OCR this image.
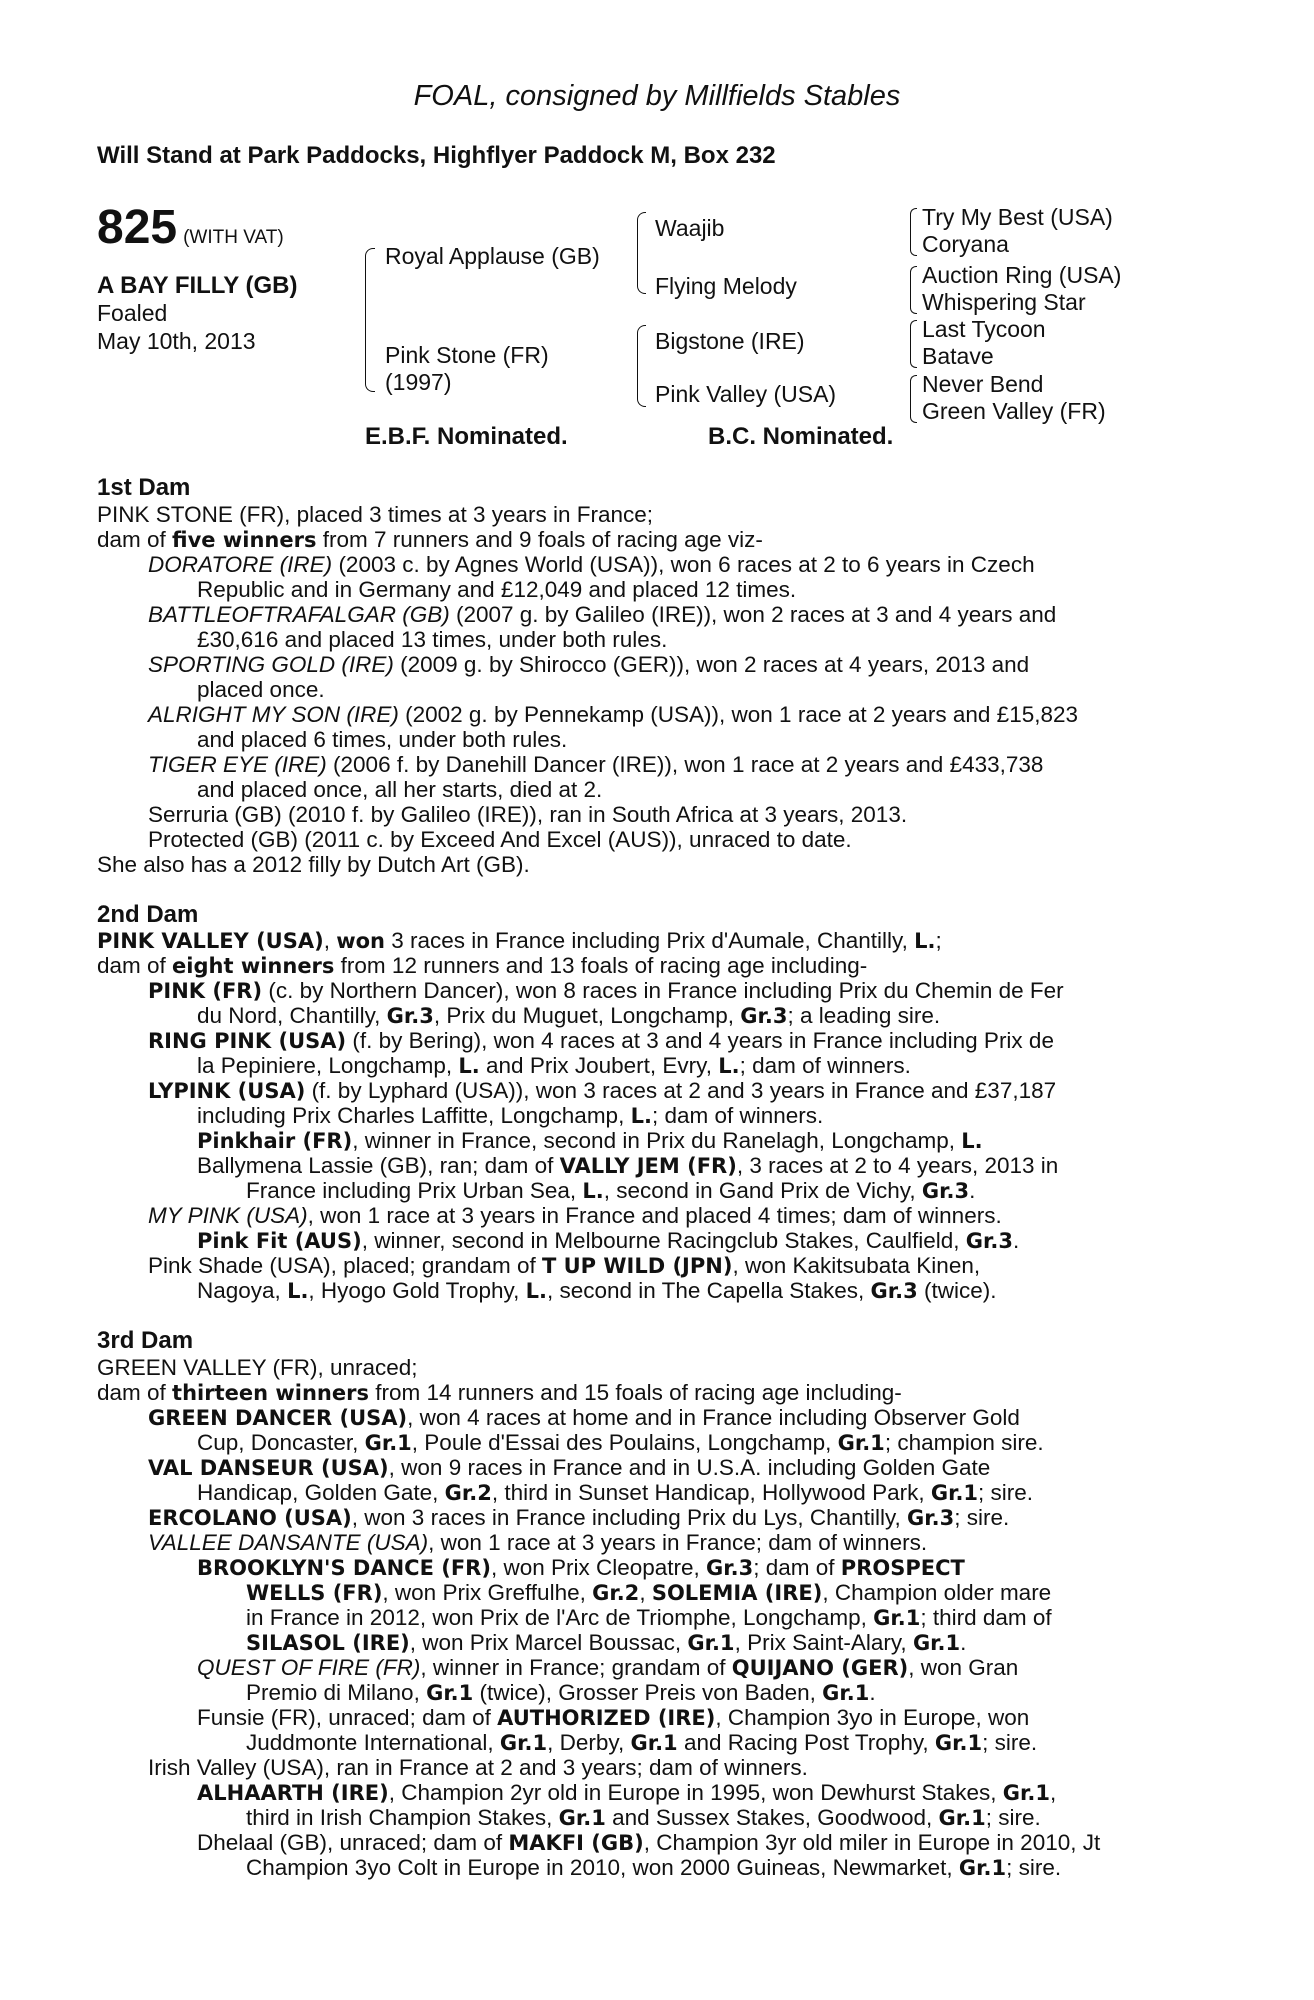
FOAL, consigned by Millfields Stables
Will Stand at Park Paddocks, Highflyer Paddock M, Box 232
825 (WITH VAT)
A BAY FILLY (GB)
Foaled
May 10th, 2013
Royal Applause (GB)
Pink Stone (FR)
(1997)
Waajib
Flying Melody
Bigstone (IRE)
Pink Valley (USA)
Try My Best (USA)
Coryana
Auction Ring (USA)
Whispering Star
Last Tycoon
Batave
Never Bend
Green Valley (FR)
E.B.F. Nominated.	B.C. Nominated.
1st Dam
PINK STONE (FR), placed 3 times at 3 years in France;
dam of five winners from 7 runners and 9 foals of racing age viz-
DORATORE (IRE) (2003 c. by Agnes World (USA)), won 6 races at 2 to 6 years in Czech
Republic and in Germany and £12,049 and placed 12 times.
BATTLEOFTRAFALGAR (GB) (2007 g. by Galileo (IRE)), won 2 races at 3 and 4 years and
£30,616 and placed 13 times, under both rules.
SPORTING GOLD (IRE) (2009 g. by Shirocco (GER)), won 2 races at 4 years, 2013 and
placed once.
ALRIGHT MY SON (IRE) (2002 g. by Pennekamp (USA)), won 1 race at 2 years and £15,823
and placed 6 times, under both rules.
TIGER EYE (IRE) (2006 f. by Danehill Dancer (IRE)), won 1 race at 2 years and £433,738
and placed once, all her starts, died at 2.
Serruria (GB) (2010 f. by Galileo (IRE)), ran in South Africa at 3 years, 2013.
Protected (GB) (2011 c. by Exceed And Excel (AUS)), unraced to date.
She also has a 2012 filly by Dutch Art (GB).
2nd Dam
PINK VALLEY (USA), won 3 races in France including Prix d'Aumale, Chantilly, L.;
dam of eight winners from 12 runners and 13 foals of racing age including-
PINK (FR) (c. by Northern Dancer), won 8 races in France including Prix du Chemin de Fer
du Nord, Chantilly, Gr.3, Prix du Muguet, Longchamp, Gr.3; a leading sire.
RING PINK (USA) (f. by Bering), won 4 races at 3 and 4 years in France including Prix de
la Pepiniere, Longchamp, L. and Prix Joubert, Evry, L.; dam of winners.
LYPINK (USA) (f. by Lyphard (USA)), won 3 races at 2 and 3 years in France and £37,187
including Prix Charles Laffitte, Longchamp, L.; dam of winners.
Pinkhair (FR), winner in France, second in Prix du Ranelagh, Longchamp, L.
Ballymena Lassie (GB), ran; dam of VALLY JEM (FR), 3 races at 2 to 4 years, 2013 in
France including Prix Urban Sea, L., second in Gand Prix de Vichy, Gr.3.
MY PINK (USA), won 1 race at 3 years in France and placed 4 times; dam of winners.
Pink Fit (AUS), winner, second in Melbourne Racingclub Stakes, Caulfield, Gr.3.
Pink Shade (USA), placed; grandam of T UP WILD (JPN), won Kakitsubata Kinen,
Nagoya, L., Hyogo Gold Trophy, L., second in The Capella Stakes, Gr.3 (twice).
3rd Dam
GREEN VALLEY (FR), unraced;
dam of thirteen winners from 14 runners and 15 foals of racing age including-
GREEN DANCER (USA), won 4 races at home and in France including Observer Gold
Cup, Doncaster, Gr.1, Poule d'Essai des Poulains, Longchamp, Gr.1; champion sire.
VAL DANSEUR (USA), won 9 races in France and in U.S.A. including Golden Gate
Handicap, Golden Gate, Gr.2, third in Sunset Handicap, Hollywood Park, Gr.1; sire.
ERCOLANO (USA), won 3 races in France including Prix du Lys, Chantilly, Gr.3; sire.
VALLEE DANSANTE (USA), won 1 race at 3 years in France; dam of winners.
BROOKLYN'S DANCE (FR), won Prix Cleopatre, Gr.3; dam of PROSPECT
WELLS (FR), won Prix Greffulhe, Gr.2, SOLEMIA (IRE), Champion older mare
in France in 2012, won Prix de l'Arc de Triomphe, Longchamp, Gr.1; third dam of
SILASOL (IRE), won Prix Marcel Boussac, Gr.1, Prix Saint-Alary, Gr.1.
QUEST OF FIRE (FR), winner in France; grandam of QUIJANO (GER), won Gran
Premio di Milano, Gr.1 (twice), Grosser Preis von Baden, Gr.1.
Funsie (FR), unraced; dam of AUTHORIZED (IRE), Champion 3yo in Europe, won
Juddmonte International, Gr.1, Derby, Gr.1 and Racing Post Trophy, Gr.1; sire.
Irish Valley (USA), ran in France at 2 and 3 years; dam of winners.
ALHAARTH (IRE), Champion 2yr old in Europe in 1995, won Dewhurst Stakes, Gr.1,
third in Irish Champion Stakes, Gr.1 and Sussex Stakes, Goodwood, Gr.1; sire.
Dhelaal (GB), unraced; dam of MAKFI (GB), Champion 3yr old miler in Europe in 2010, Jt
Champion 3yo Colt in Europe in 2010, won 2000 Guineas, Newmarket, Gr.1; sire.
